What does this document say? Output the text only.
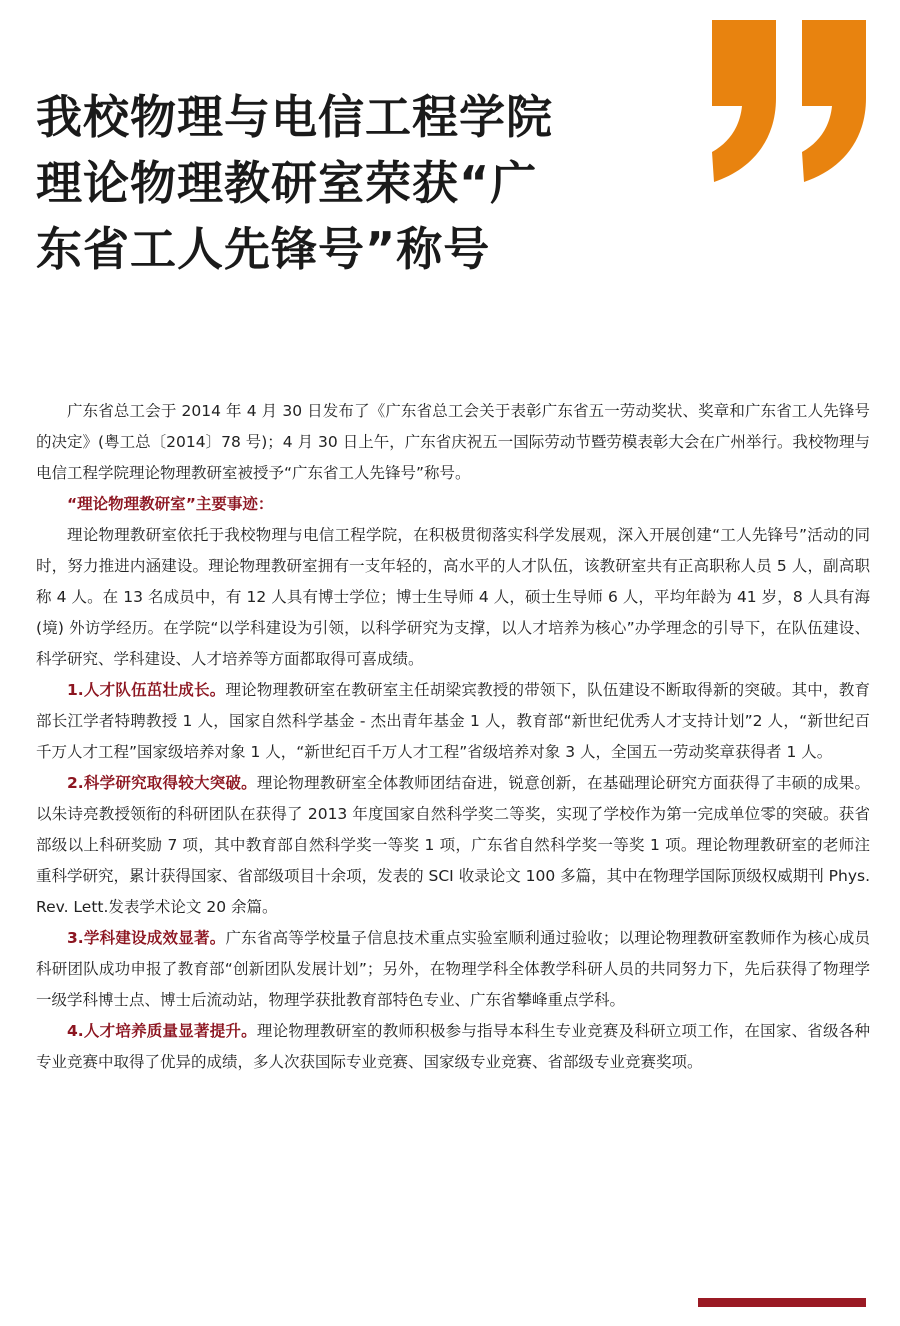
我校物理与电信工程学院
理论物理教研室荣获“广
东省工人先锋号”称号

广东省总工会于 2014 年 4 月 30 日发布了《广东省总工会关于表彰广东省五一劳动奖状、奖章和广东省工人先锋号的决定》(粤工总〔2014〕78 号)；4 月 30 日上午，广东省庆祝五一国际劳动节暨劳模表彰大会在广州举行。我校物理与电信工程学院理论物理教研室被授予“广东省工人先锋号”称号。

“理论物理教研室”主要事迹：

理论物理教研室依托于我校物理与电信工程学院，在积极贯彻落实科学发展观，深入开展创建“工人先锋号”活动的同时，努力推进内涵建设。理论物理教研室拥有一支年轻的，高水平的人才队伍，该教研室共有正高职称人员 5 人，副高职称 4 人。在 13 名成员中，有 12 人具有博士学位；博士生导师 4 人，硕士生导师 6 人，平均年龄为 41 岁，8 人具有海 (境) 外访学经历。在学院“以学科建设为引领，以科学研究为支撑，以人才培养为核心”办学理念的引导下，在队伍建设、科学研究、学科建设、人才培养等方面都取得可喜成绩。

1.人才队伍茁壮成长。理论物理教研室在教研室主任胡梁宾教授的带领下，队伍建设不断取得新的突破。其中，教育部长江学者特聘教授 1 人，国家自然科学基金 - 杰出青年基金 1 人，教育部“新世纪优秀人才支持计划”2 人，“新世纪百千万人才工程”国家级培养对象 1 人，“新世纪百千万人才工程”省级培养对象 3 人，全国五一劳动奖章获得者 1 人。

2.科学研究取得较大突破。理论物理教研室全体教师团结奋进，锐意创新，在基础理论研究方面获得了丰硕的成果。以朱诗亮教授领衔的科研团队在获得了 2013 年度国家自然科学奖二等奖，实现了学校作为第一完成单位零的突破。获省部级以上科研奖励 7 项，其中教育部自然科学奖一等奖 1 项，广东省自然科学奖一等奖 1 项。理论物理教研室的老师注重科学研究，累计获得国家、省部级项目十余项，发表的 SCI 收录论文 100 多篇，其中在物理学国际顶级权威期刊 Phys. Rev. Lett.发表学术论文 20 余篇。

3.学科建设成效显著。广东省高等学校量子信息技术重点实验室顺利通过验收；以理论物理教研室教师作为核心成员科研团队成功申报了教育部“创新团队发展计划”；另外，在物理学科全体教学科研人员的共同努力下，先后获得了物理学一级学科博士点、博士后流动站，物理学获批教育部特色专业、广东省攀峰重点学科。

4.人才培养质量显著提升。理论物理教研室的教师积极参与指导本科生专业竞赛及科研立项工作，在国家、省级各种专业竞赛中取得了优异的成绩，多人次获国际专业竞赛、国家级专业竞赛、省部级专业竞赛奖项。
